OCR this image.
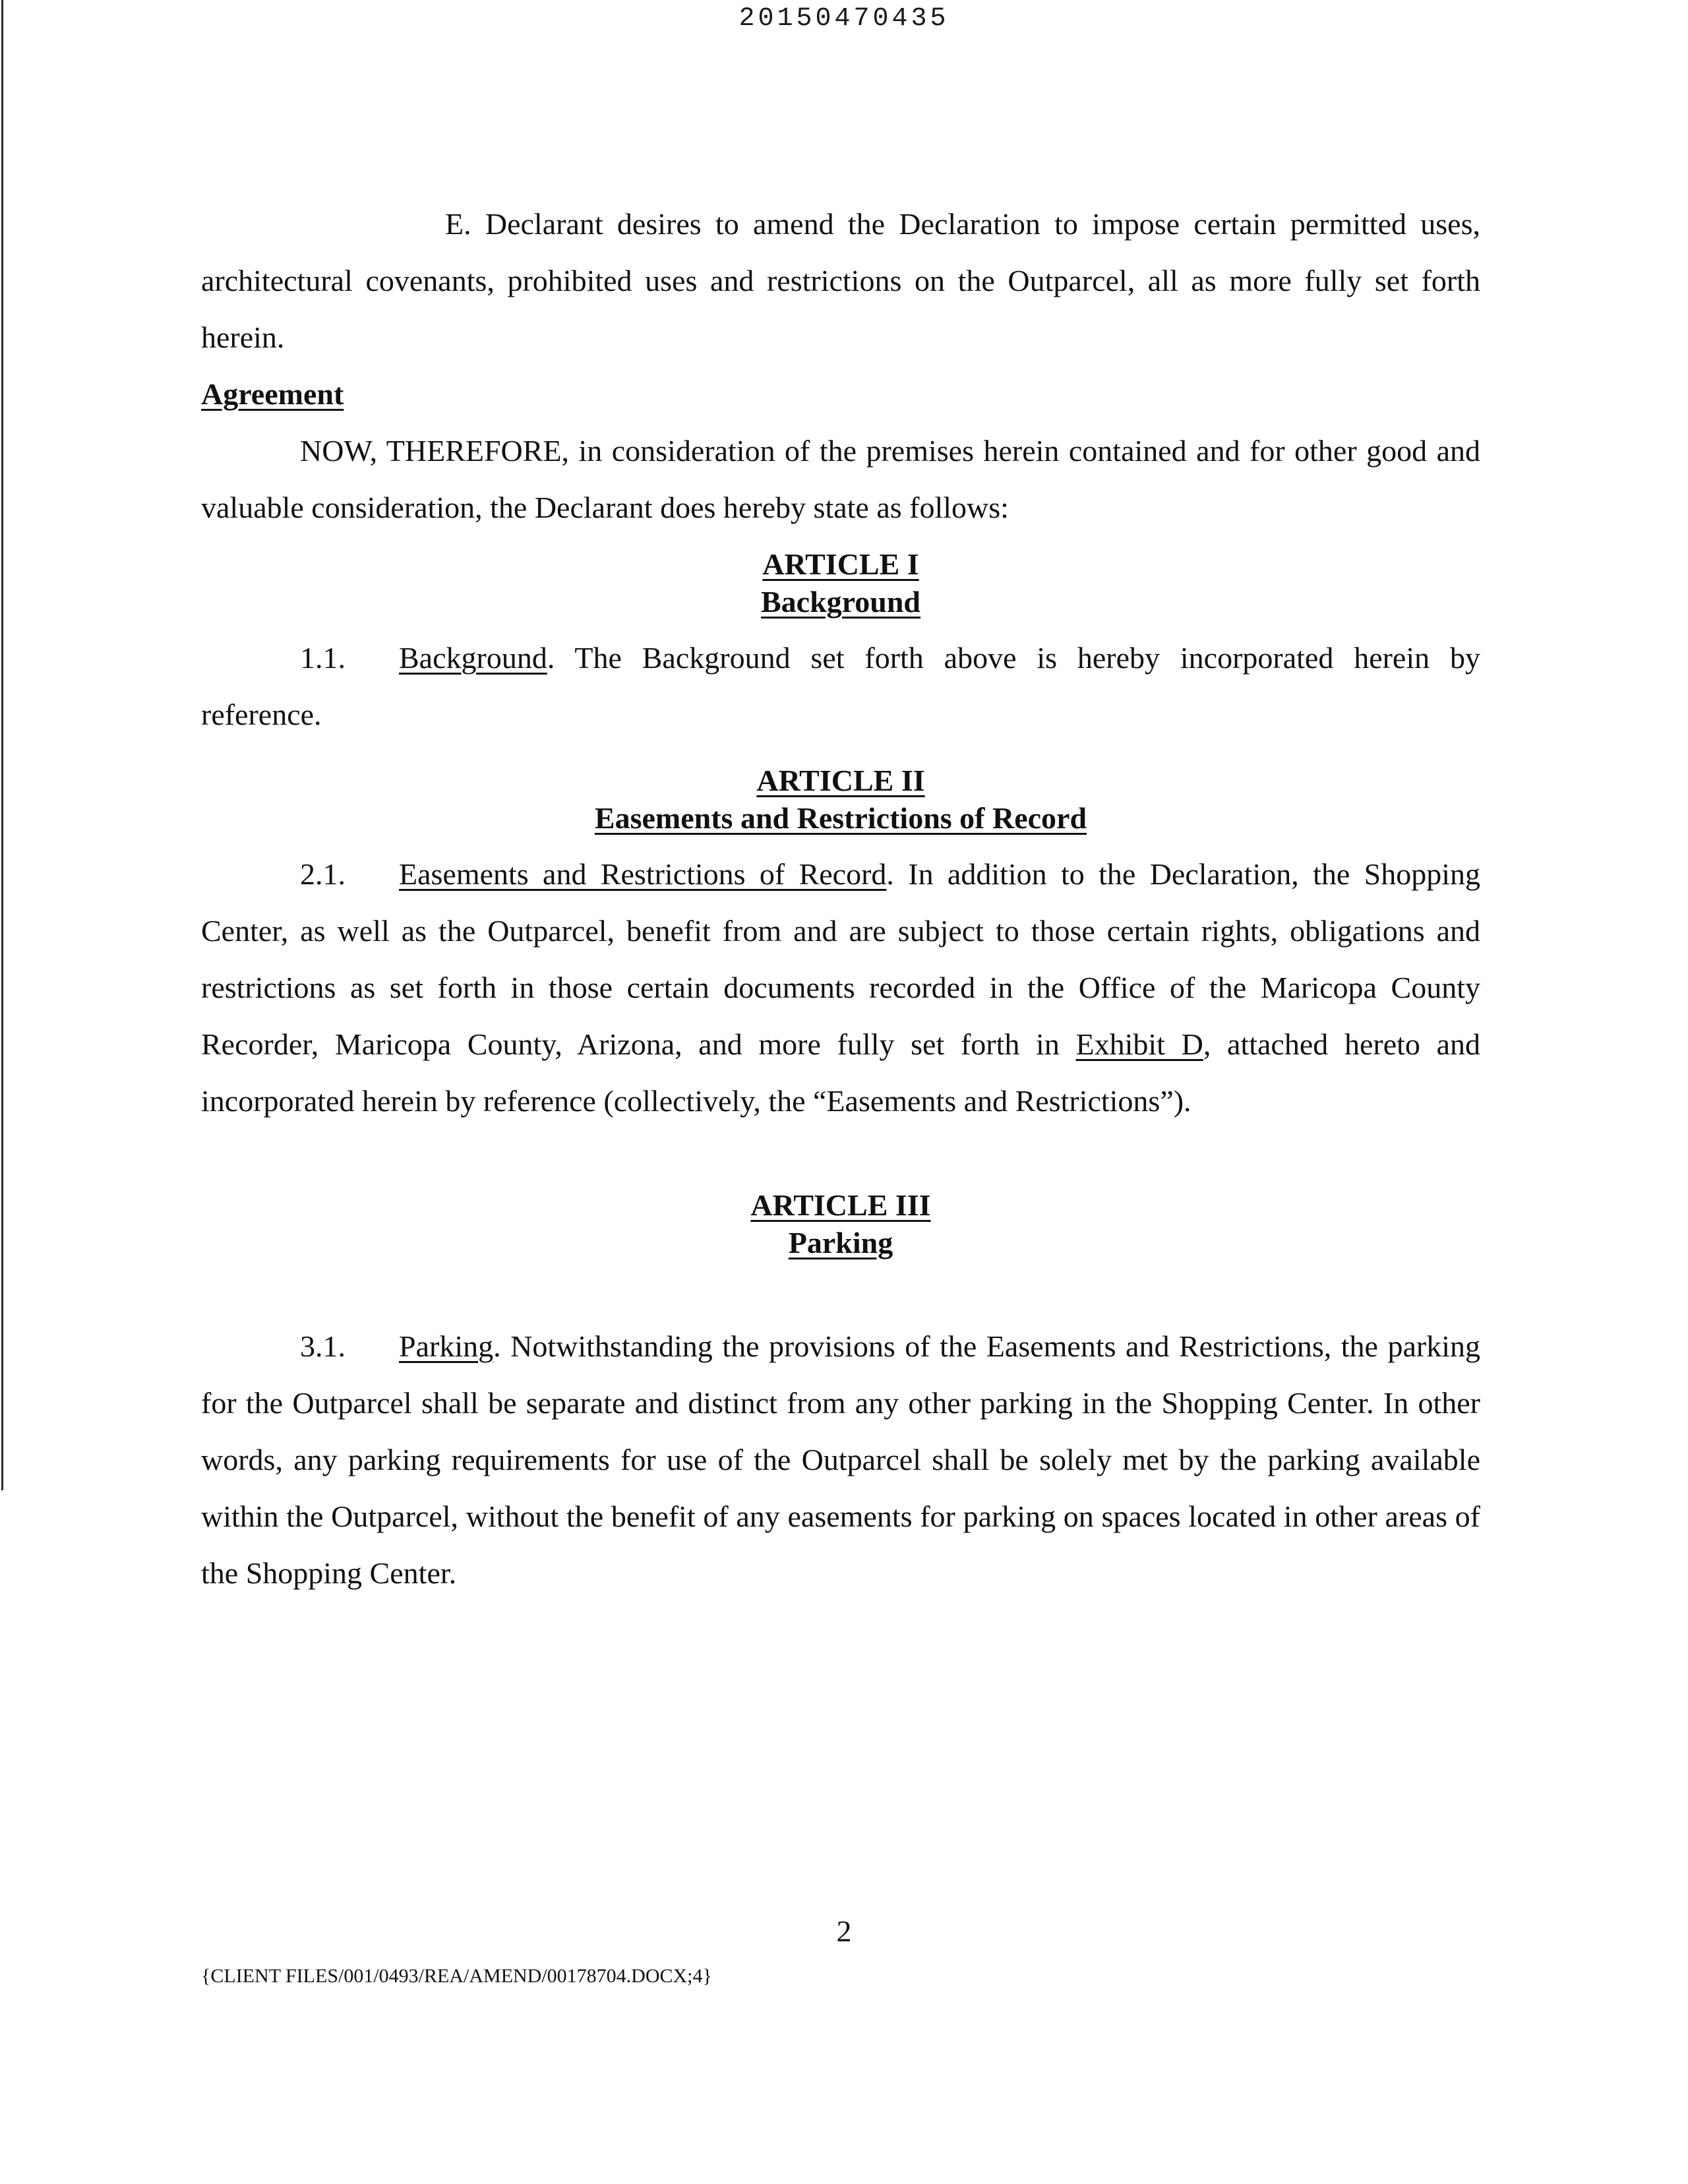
20150470435

E. Declarant desires to amend the Declaration to impose certain permitted uses, architectural covenants, prohibited uses and restrictions on the Outparcel, all as more fully set forth herein.

Agreement

NOW, THEREFORE, in consideration of the premises herein contained and for other good and valuable consideration, the Declarant does hereby state as follows:

ARTICLE I
Background

1.1. Background. The Background set forth above is hereby incorporated herein by reference.

ARTICLE II
Easements and Restrictions of Record

2.1. Easements and Restrictions of Record. In addition to the Declaration, the Shopping Center, as well as the Outparcel, benefit from and are subject to those certain rights, obligations and restrictions as set forth in those certain documents recorded in the Office of the Maricopa County Recorder, Maricopa County, Arizona, and more fully set forth in Exhibit D, attached hereto and incorporated herein by reference (collectively, the “Easements and Restrictions”).

ARTICLE III
Parking

3.1. Parking. Notwithstanding the provisions of the Easements and Restrictions, the parking for the Outparcel shall be separate and distinct from any other parking in the Shopping Center. In other words, any parking requirements for use of the Outparcel shall be solely met by the parking available within the Outparcel, without the benefit of any easements for parking on spaces located in other areas of the Shopping Center.

2
{CLIENT FILES/001/0493/REA/AMEND/00178704.DOCX;4}
